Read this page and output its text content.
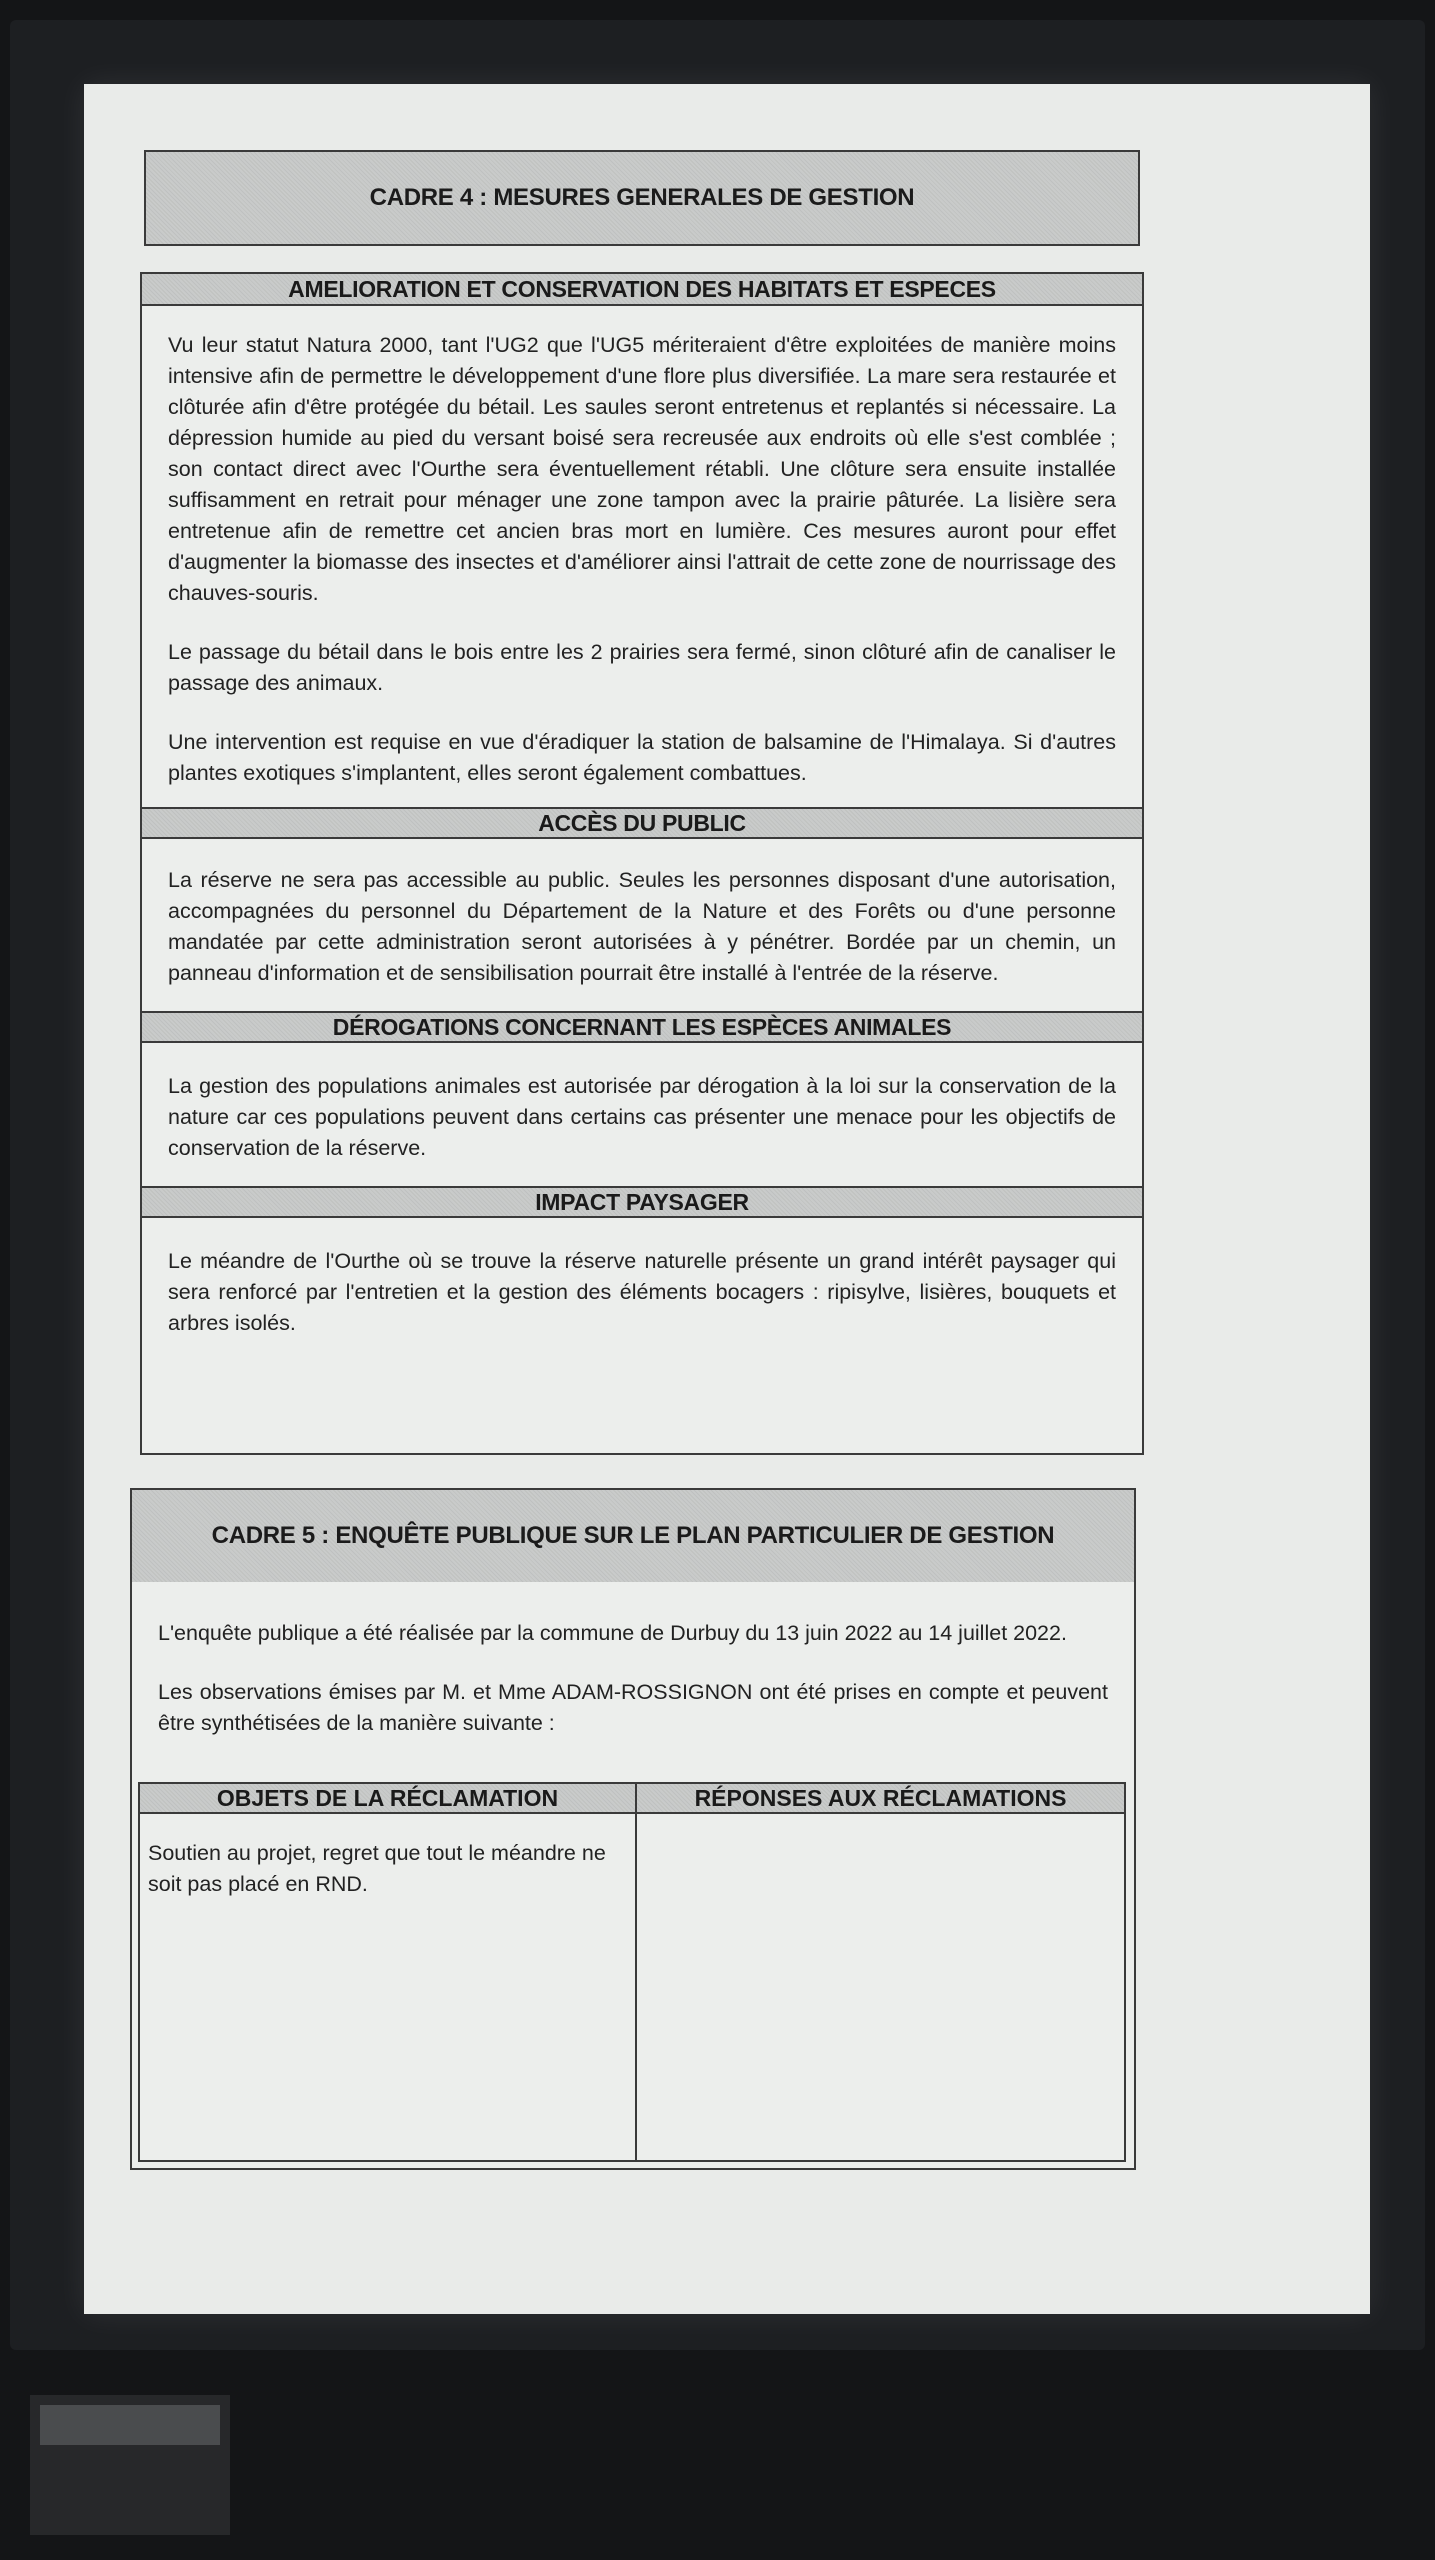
CADRE 4 : MESURES GENERALES DE GESTION
AMELIORATION ET CONSERVATION DES HABITATS ET ESPECES

Vu leur statut Natura 2000, tant l'UG2 que l'UG5 mériteraient d'être exploitées de manière moins intensive afin de permettre le développement d'une flore plus diversifiée. La mare sera restaurée et clôturée afin d'être protégée du bétail. Les saules seront entretenus et replantés si nécessaire. La dépression humide au pied du versant boisé sera recreusée aux endroits où elle s'est comblée ; son contact direct avec l'Ourthe sera éventuellement rétabli. Une clôture sera ensuite installée suffisamment en retrait pour ménager une zone tampon avec la prairie pâturée. La lisière sera entretenue afin de remettre cet ancien bras mort en lumière. Ces mesures auront pour effet d'augmenter la biomasse des insectes et d'améliorer ainsi l'attrait de cette zone de nourrissage des chauves-souris.

Le passage du bétail dans le bois entre les 2 prairies sera fermé, sinon clôturé afin de canaliser le passage des animaux.

Une intervention est requise en vue d'éradiquer la station de balsamine de l'Himalaya. Si d'autres plantes exotiques s'implantent, elles seront également combattues.

ACCÈS DU PUBLIC

La réserve ne sera pas accessible au public. Seules les personnes disposant d'une autorisation, accompagnées du personnel du Département de la Nature et des Forêts ou d'une personne mandatée par cette administration seront autorisées à y pénétrer. Bordée par un chemin, un panneau d'information et de sensibilisation pourrait être installé à l'entrée de la réserve.

DÉROGATIONS CONCERNANT LES ESPÈCES ANIMALES

La gestion des populations animales est autorisée par dérogation à la loi sur la conservation de la nature car ces populations peuvent dans certains cas présenter une menace pour les objectifs de conservation de la réserve.

IMPACT PAYSAGER

Le méandre de l'Ourthe où se trouve la réserve naturelle présente un grand intérêt paysager qui sera renforcé par l'entretien et la gestion des éléments bocagers : ripisylve, lisières, bouquets et arbres isolés.

CADRE 5 : ENQUÊTE PUBLIQUE SUR LE PLAN PARTICULIER DE GESTION

L'enquête publique a été réalisée par la commune de Durbuy du 13 juin 2022 au 14 juillet 2022.

Les observations émises par M. et Mme ADAM-ROSSIGNON ont été prises en compte et peuvent être synthétisées de la manière suivante :

OBJETS DE LA RÉCLAMATION
Soutien au projet, regret que tout le méandre ne soit pas placé en RND.
RÉPONSES AUX RÉCLAMATIONS
